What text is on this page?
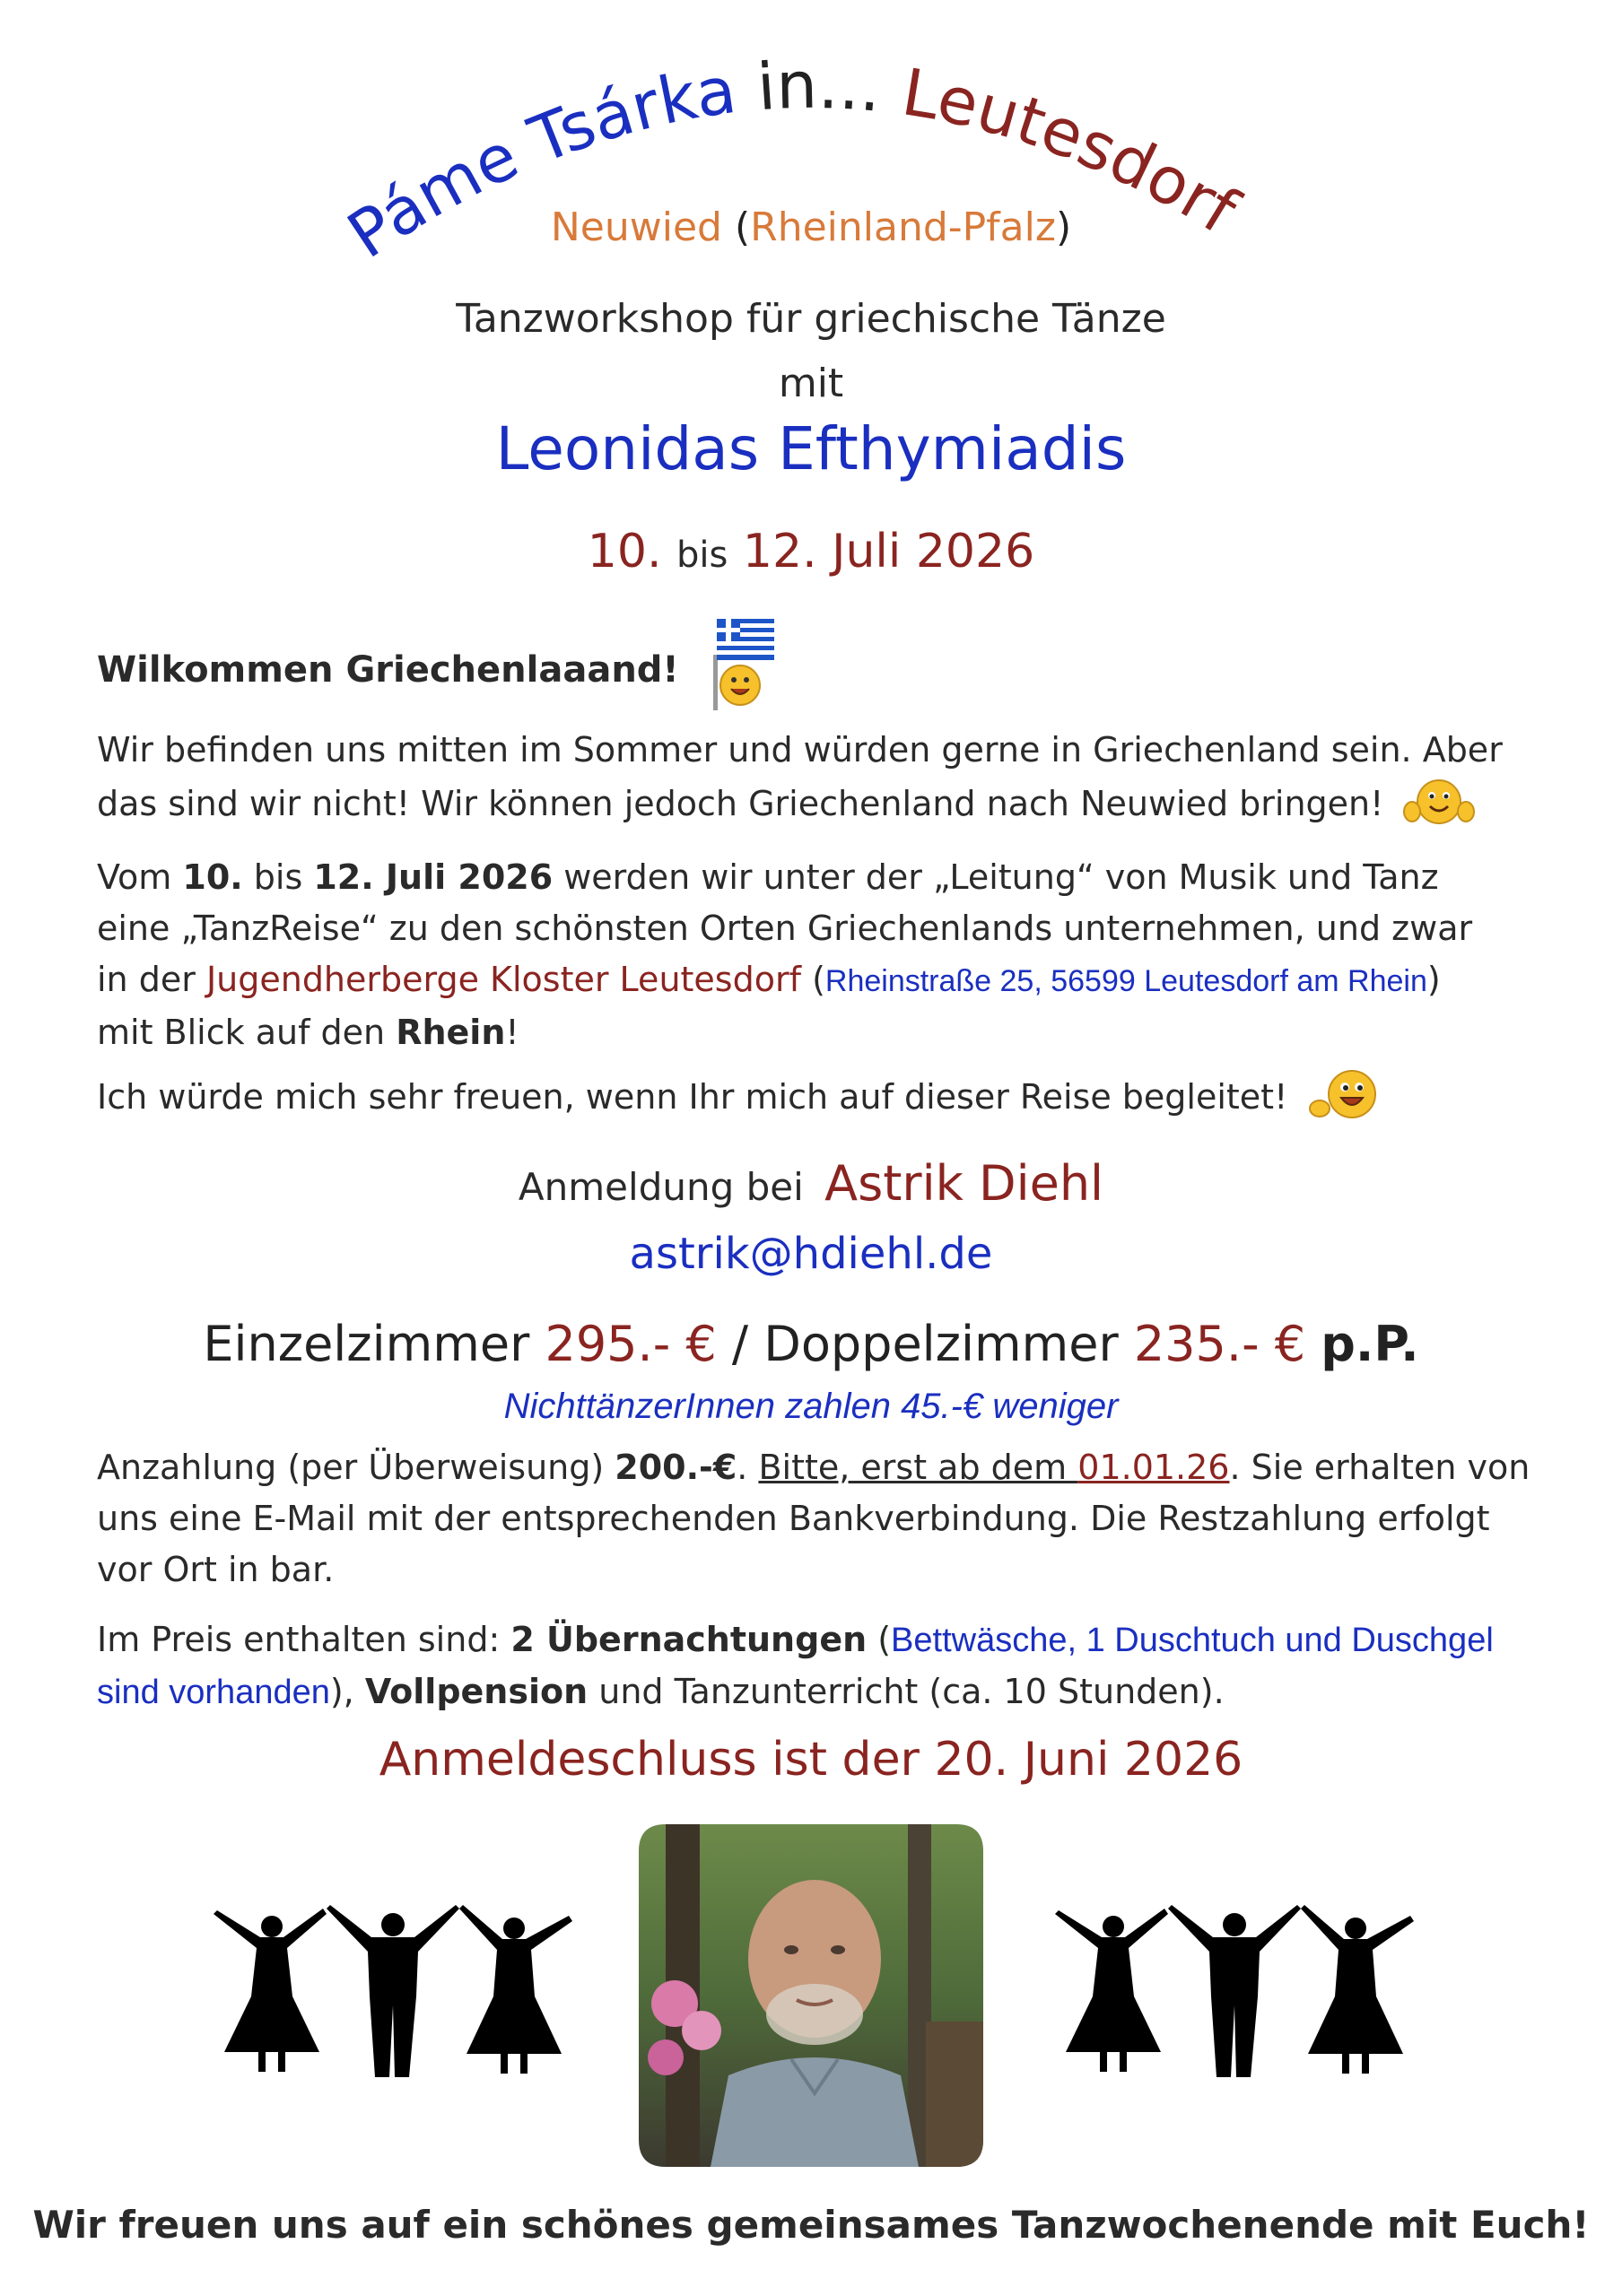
Páme Tsárka in... Leutesdorf
Neuwied (Rheinland-Pfalz)
Tanzworkshop für griechische Tänze
mit
Leonidas Efthymiadis
10. bis 12. Juli 2026
Wilkommen Griechenlaaand!
Wir befinden uns mitten im Sommer und würden gerne in Griechenland sein. Aber
das sind wir nicht! Wir können jedoch Griechenland nach Neuwied bringen!
Vom 10. bis 12. Juli 2026 werden wir unter der „Leitung“ von Musik und Tanz
eine „TanzReise“ zu den schönsten Orten Griechenlands unternehmen, und zwar
in der Jugendherberge Kloster Leutesdorf (Rheinstraße 25, 56599 Leutesdorf am Rhein)
mit Blick auf den Rhein!
Ich würde mich sehr freuen, wenn Ihr mich auf dieser Reise begleitet!
Anmeldung bei Astrik Diehl
astrik@hdiehl.de
Einzelzimmer 295.- € / Doppelzimmer 235.- € p.P.
NichttänzerInnen zahlen 45.-€ weniger
Anzahlung (per Überweisung) 200.-€. Bitte, erst ab dem 01.01.26. Sie erhalten von
uns eine E-Mail mit der entsprechenden Bankverbindung. Die Restzahlung erfolgt
vor Ort in bar.
Im Preis enthalten sind: 2 Übernachtungen (Bettwäsche, 1 Duschtuch und Duschgel
sind vorhanden), Vollpension und Tanzunterricht (ca. 10 Stunden).
Anmeldeschluss ist der 20. Juni 2026
Wir freuen uns auf ein schönes gemeinsames Tanzwochenende mit Euch!
